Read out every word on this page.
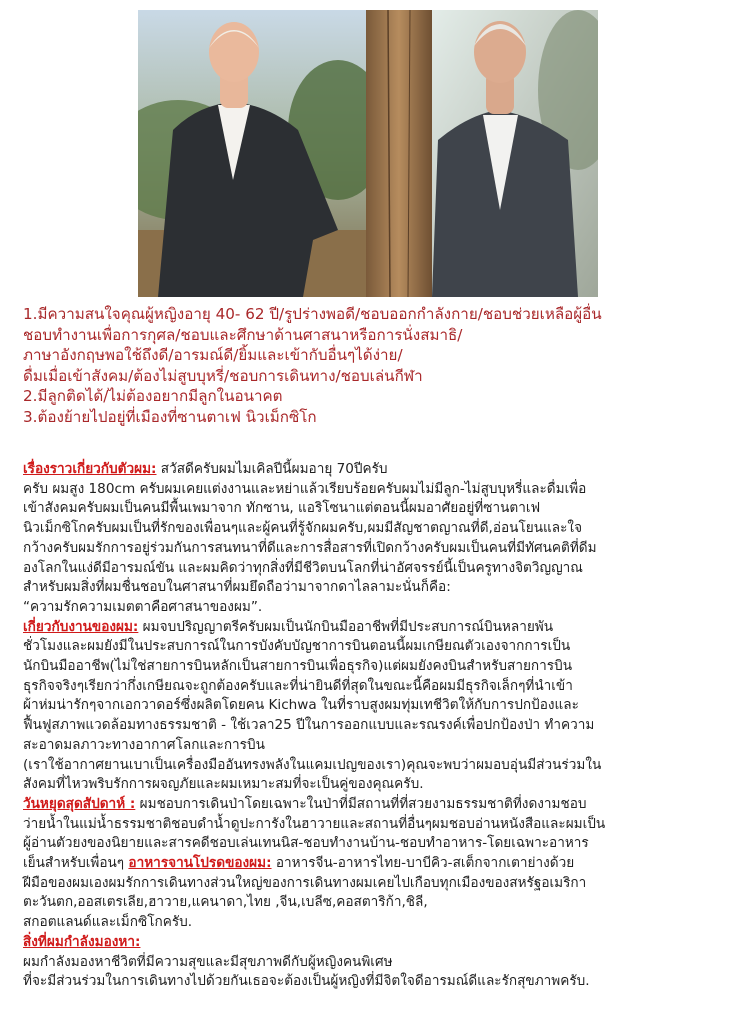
1.มีความสนใจคุณผู้หญิงอายุ 40- 62 ปี/รูปร่างพอดี/ชอบออกกำลังกาย/ชอบช่วยเหลือผู้อื่น
ชอบทำงานเพื่อการกุศล/ชอบและศึกษาด้านศาสนาหรือการนั่งสมาธิ/
ภาษาอังกฤษพอใช้ถึงดี/อารมณ์ดี/ยิ้มและเข้ากับอื่นๆได้ง่าย/
ดื่มเมื่อเข้าสังคม/ต้องไม่สูบบุหรี่/ชอบการเดินทาง/ชอบเล่นกีฬา
2.มีลูกติดได้/ไม่ต้องอยากมีลูกในอนาคต
3.ต้องย้ายไปอยู่ที่เมืองที่ซานตาเฟ นิวเม็กซิโก
เรื่องราวเกี่ยวกับตัวผม: สวัสดีครับผมไมเคิลปีนี้ผมอายุ 70ปีครับ
ครับ ผมสูง 180cm ครับผมเคยแต่งงานและหย่าแล้วเรียบร้อยครับผมไม่มีลูก-ไม่สูบบุหรี่และดื่มเพื่อ
เข้าสังคมครับผมเป็นคนมีพื้นเพมาจาก ทักซาน, แอริโซนาแต่ตอนนี้ผมอาศัยอยู่ที่ซานตาเฟ
นิวเม็กซิโกครับผมเป็นที่รักของเพื่อนๆและผู้คนที่รู้จักผมครับ,ผมมีสัญชาตญาณที่ดี,อ่อนโยนและใจ
กว้างครับผมรักการอยู่ร่วมกันการสนทนาที่ดีและการสื่อสารที่เปิดกว้างครับผมเป็นคนที่มีทัศนคติที่ดีม
องโลกในแง่ดีมีอารมณ์ขัน และผมคิดว่าทุกสิ่งที่มีชีวิตบนโลกที่น่าอัศจรรย์นี้เป็นครูทางจิตวิญญาณ
สำหรับผมสิ่งที่ผมชื่นชอบในศาสนาที่ผมยึดถือว่ามาจากดาไลลามะนั่นก็คือ:
“ความรักความเมตตาคือศาสนาของผม”.
เกี่ยวกับงานของผม: ผมจบปริญญาตรีครับผมเป็นนักบินมืออาชีพที่มีประสบการณ์บินหลายพัน
ชั่วโมงและผมยังมีในประสบการณ์ในการบังคับบัญชาการบินตอนนี้ผมเกษียณตัวเองจากการเป็น
นักบินมืออาชีพ(ไม่ใช่สายการบินหลักเป็นสายการบินเพื่อธุรกิจ)แต่ผมยังคงบินสำหรับสายการบิน
ธุรกิจจริงๆเรียกว่ากึ่งเกษียณจะถูกต้องครับและที่น่ายินดีที่สุดในขณะนี้คือผมมีธุรกิจเล็กๆที่นำเข้า
ผ้าห่มน่ารักๆจากเอกวาดอร์ซึ่งผลิตโดยคน Kichwa ในที่ราบสูงผมทุ่มเทชีวิตให้กับการปกป้องและ
ฟื้นฟูสภาพแวดล้อมทางธรรมชาติ - ใช้เวลา25 ปีในการออกแบบและรณรงค์เพื่อปกป้องป่า ทำความ
สะอาดมลภาวะทางอากาศโลกและการบิน
(เราใช้อากาศยานเบาเป็นเครื่องมืออันทรงพลังในแคมเปญของเรา)คุณจะพบว่าผมอบอุ่นมีส่วนร่วมใน
สังคมที่ไหวพริบรักการผจญภัยและผมเหมาะสมที่จะเป็นคู่ของคุณครับ.
วันหยุดสุดสัปดาห์ : ผมชอบการเดินป่าโดยเฉพาะในป่าที่มีสถานที่ที่สวยงามธรรมชาติที่งดงามชอบ
ว่ายน้ำในแม่น้ำธรรมชาติชอบดำน้ำดูปะการังในฮาวายและสถานที่อื่นๆผมชอบอ่านหนังสือและผมเป็น
ผู้อ่านตัวยงของนิยายและสารคดีชอบเล่นเทนนิส-ชอบทำงานบ้าน-ชอบทำอาหาร-โดยเฉพาะอาหาร
เย็นสำหรับเพื่อนๆ อาหารจานโปรดของผม: อาหารจีน-อาหารไทย-บาบีคิว-สเต็กจากเตาย่างด้วย
ฝีมือของผมเองผมรักการเดินทางส่วนใหญ่ของการเดินทางผมเคยไปเกือบทุกเมืองของสหรัฐอเมริกา
ตะวันตก,ออสเตรเลีย,ฮาวาย,แคนาดา,ไทย ,จีน,เบลีซ,คอสตาริก้า,ชิลี,
สกอตแลนด์และเม็กซิโกครับ.
สิ่งที่ผมกำลังมองหา:
ผมกำลังมองหาชีวิตที่มีความสุขและมีสุขภาพดีกับผู้หญิงคนพิเศษ
ที่จะมีส่วนร่วมในการเดินทางไปด้วยกันเธอจะต้องเป็นผู้หญิงที่มีจิตใจดีอารมณ์ดีและรักสุขภาพครับ.
